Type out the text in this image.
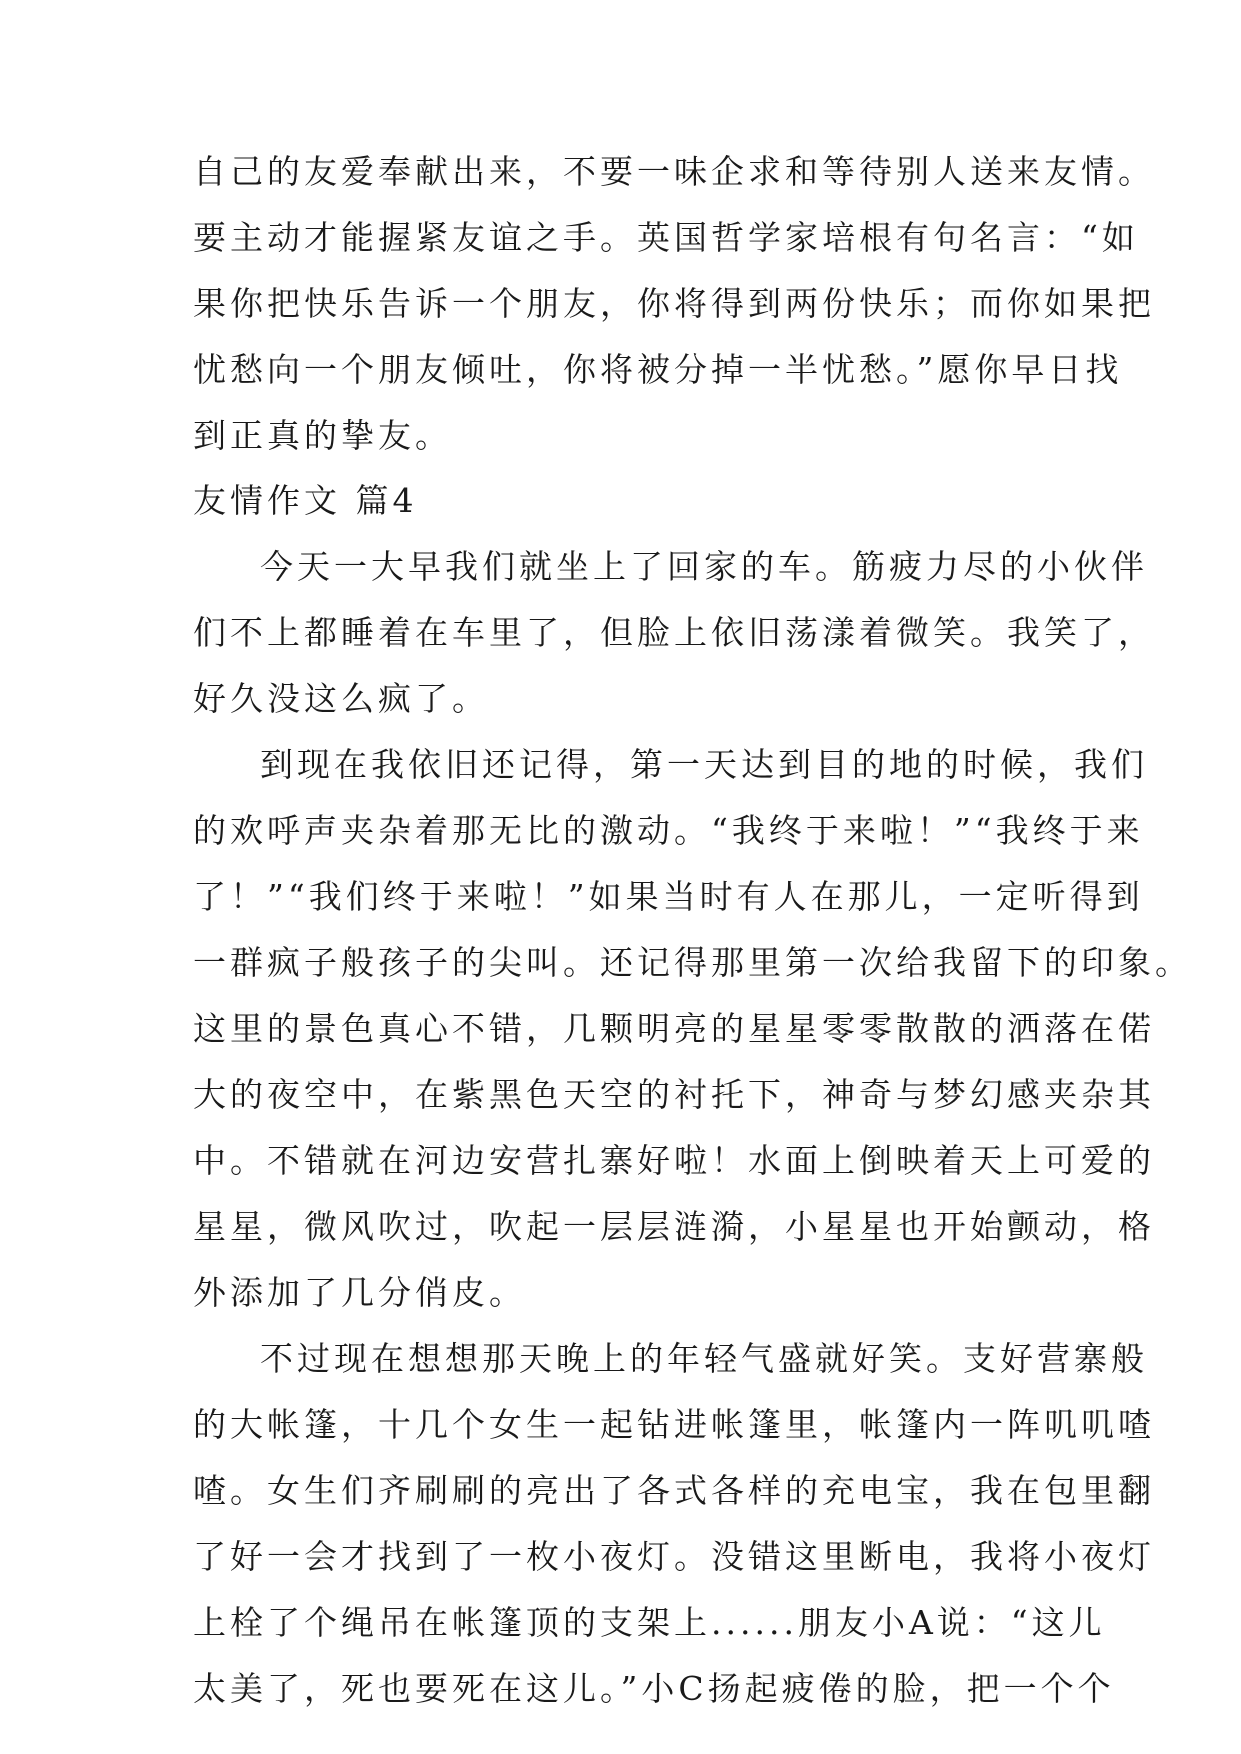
自己的友爱奉献出来，不要一味企求和等待别人送来友情。
要主动才能握紧友谊之手。英国哲学家培根有句名言：“如
果你把快乐告诉一个朋友，你将得到两份快乐；而你如果把
忧愁向一个朋友倾吐，你将被分掉一半忧愁。”愿你早日找
到正真的挚友。
友情作文 篇4
今天一大早我们就坐上了回家的车。筋疲力尽的小伙伴
们不上都睡着在车里了，但脸上依旧荡漾着微笑。我笑了，
好久没这么疯了。
到现在我依旧还记得，第一天达到目的地的时候，我们
的欢呼声夹杂着那无比的激动。“我终于来啦！”“我终于来
了！”“我们终于来啦！”如果当时有人在那儿，一定听得到
一群疯子般孩子的尖叫。还记得那里第一次给我留下的印象。
这里的景色真心不错，几颗明亮的星星零零散散的洒落在偌
大的夜空中，在紫黑色天空的衬托下，神奇与梦幻感夹杂其
中。不错就在河边安营扎寨好啦！水面上倒映着天上可爱的
星星，微风吹过，吹起一层层涟漪，小星星也开始颤动，格
外添加了几分俏皮。
不过现在想想那天晚上的年轻气盛就好笑。支好营寨般
的大帐篷，十几个女生一起钻进帐篷里，帐篷内一阵叽叽喳
喳。女生们齐刷刷的亮出了各式各样的充电宝，我在包里翻
了好一会才找到了一枚小夜灯。没错这里断电，我将小夜灯
上栓了个绳吊在帐篷顶的支架上......朋友小A说：“这儿
太美了，死也要死在这儿。”小C扬起疲倦的脸，把一个个
